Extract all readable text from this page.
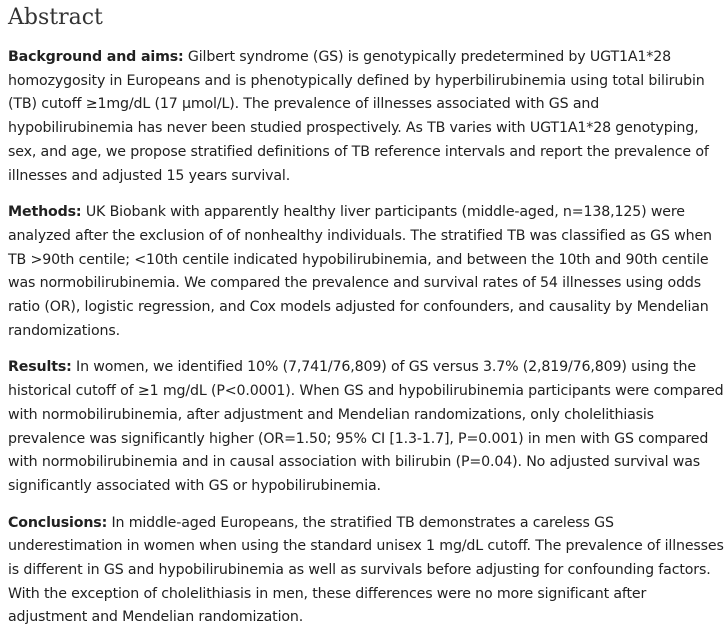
Abstract

Background and aims: Gilbert syndrome (GS) is genotypically predetermined by UGT1A1*28 homozygosity in Europeans and is phenotypically defined by hyperbilirubinemia using total bilirubin (TB) cutoff ≥1mg/dL (17 μmol/L). The prevalence of illnesses associated with GS and hypobilirubinemia has never been studied prospectively. As TB varies with UGT1A1*28 genotyping, sex, and age, we propose stratified definitions of TB reference intervals and report the prevalence of illnesses and adjusted 15 years survival.

Methods: UK Biobank with apparently healthy liver participants (middle-aged, n=138,125) were analyzed after the exclusion of of nonhealthy individuals. The stratified TB was classified as GS when TB >90th centile; <10th centile indicated hypobilirubinemia, and between the 10th and 90th centile was normobilirubinemia. We compared the prevalence and survival rates of 54 illnesses using odds ratio (OR), logistic regression, and Cox models adjusted for confounders, and causality by Mendelian randomizations.

Results: In women, we identified 10% (7,741/76,809) of GS versus 3.7% (2,819/76,809) using the historical cutoff of ≥1 mg/dL (P<0.0001). When GS and hypobilirubinemia participants were compared with normobilirubinemia, after adjustment and Mendelian randomizations, only cholelithiasis prevalence was significantly higher (OR=1.50; 95% CI [1.3-1.7], P=0.001) in men with GS compared with normobilirubinemia and in causal association with bilirubin (P=0.04). No adjusted survival was significantly associated with GS or hypobilirubinemia.

Conclusions: In middle-aged Europeans, the stratified TB demonstrates a careless GS underestimation in women when using the standard unisex 1 mg/dL cutoff. The prevalence of illnesses is different in GS and hypobilirubinemia as well as survivals before adjusting for confounding factors. With the exception of cholelithiasis in men, these differences were no more significant after adjustment and Mendelian randomization.
